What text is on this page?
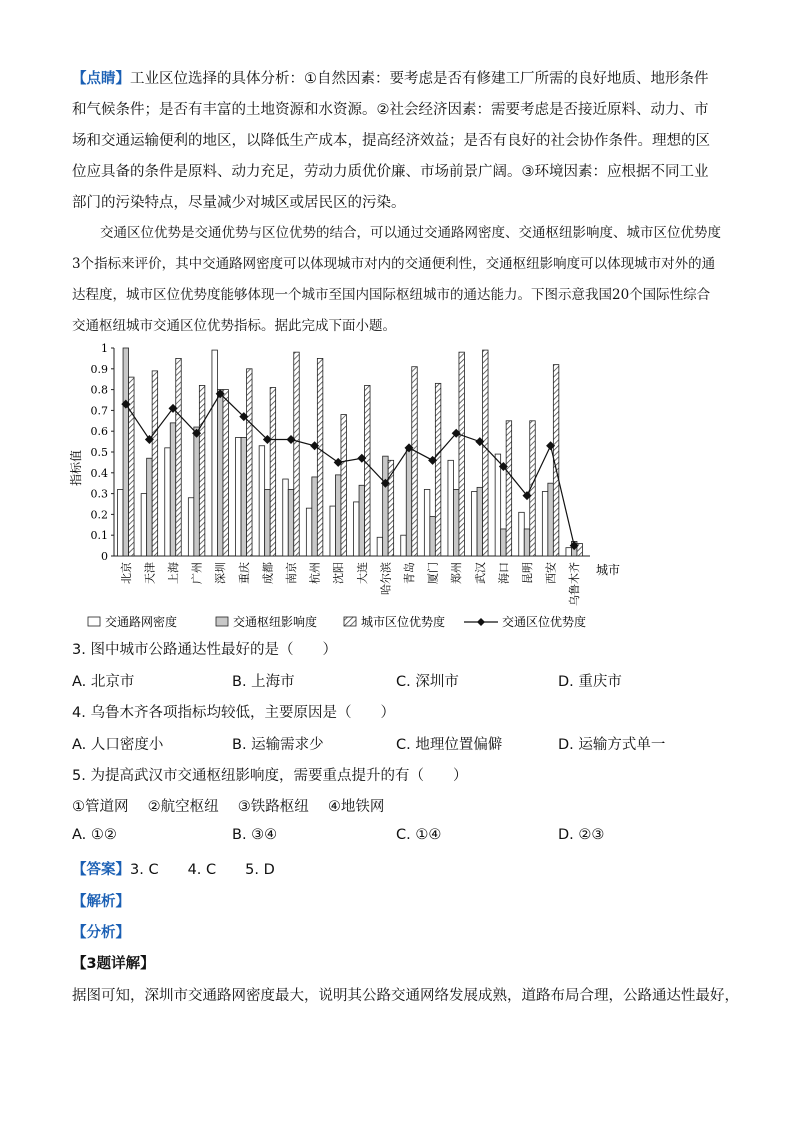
【点睛】工业区位选择的具体分析：①自然因素：要考虑是否有修建工厂所需的良好地质、地形条件和气候条件；是否有丰富的土地资源和水资源。②社会经济因素：需要考虑是否接近原料、动力、市场和交通运输便利的地区，以降低生产成本，提高经济效益；是否有良好的社会协作条件。理想的区位应具备的条件是原料、动力充足，劳动力质优价廉、市场前景广阔。③环境因素：应根据不同工业部门的污染特点，尽量减少对城区或居民区的污染。
交通区位优势是交通优势与区位优势的结合，可以通过交通路网密度、交通枢纽影响度、城市区位优势度3个指标来评价，其中交通路网密度可以体现城市对内的交通便利性，交通枢纽影响度可以体现城市对外的通达程度，城市区位优势度能够体现一个城市至国内国际枢纽城市的通达能力。下图示意我国20个国际性综合交通枢纽城市交通区位优势指标。据此完成下面小题。
0
0.1
0.2
0.3
0.4
0.5
0.6
0.7
0.8
0.9
1
北京 天津 上海 广州 深圳 重庆 成都 南京 杭州 沈阳 大连 哈尔滨 青岛 厦门 郑州 武汉 海口 昆明 西安 乌鲁木齐
指标值
城市
交通路网密度	交通枢纽影响度	城市区位优势度	交通区位优势度
3. 图中城市公路通达性最好的是（　　）
A. 北京市	B. 上海市	C. 深圳市	D. 重庆市
4. 乌鲁木齐各项指标均较低，主要原因是（　　）
A. 人口密度小	B. 运输需求少	C. 地理位置偏僻	D. 运输方式单一
5. 为提高武汉市交通枢纽影响度，需要重点提升的有（　　）
①管道网　 ②航空枢纽　 ③铁路枢纽　 ④地铁网
A. ①②	B. ③④	C. ①④	D. ②③
【答案】3. C　　4. C　　5. D
【解析】
【分析】
【3题详解】
据图可知，深圳市交通路网密度最大，说明其公路交通网络发展成熟，道路布局合理，公路通达性最好，
